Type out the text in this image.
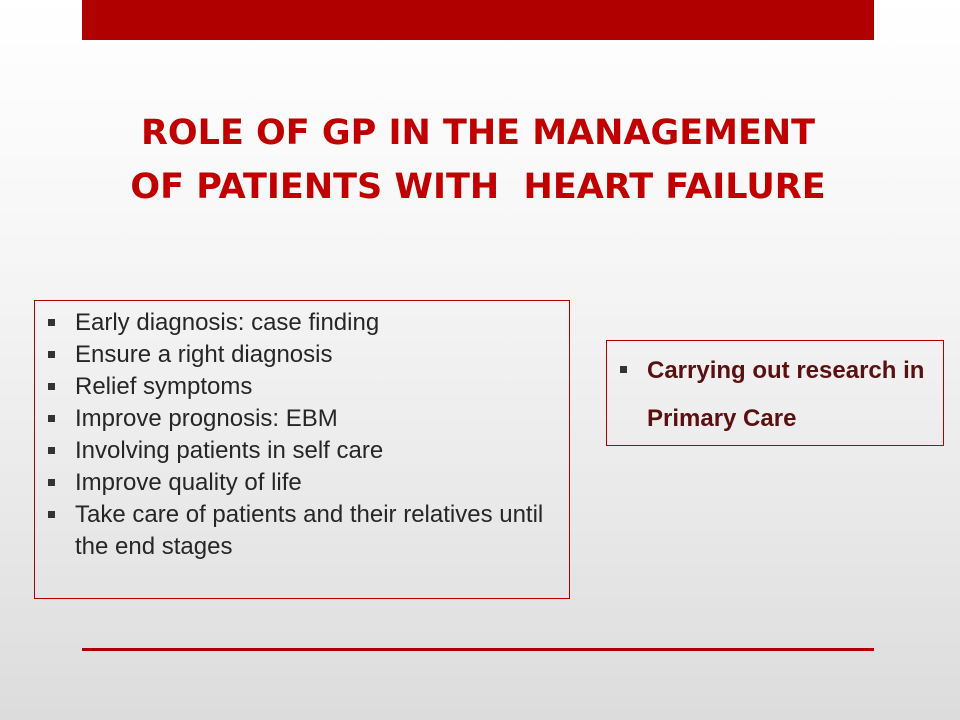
ROLE OF GP IN THE MANAGEMENT
OF PATIENTS WITH  HEART FAILURE
Early diagnosis: case finding
Ensure a right diagnosis
Relief symptoms
Improve prognosis: EBM
Involving patients in self care
Improve quality of life
Take care of patients and their relatives until the end stages
Carrying out research in Primary Care
